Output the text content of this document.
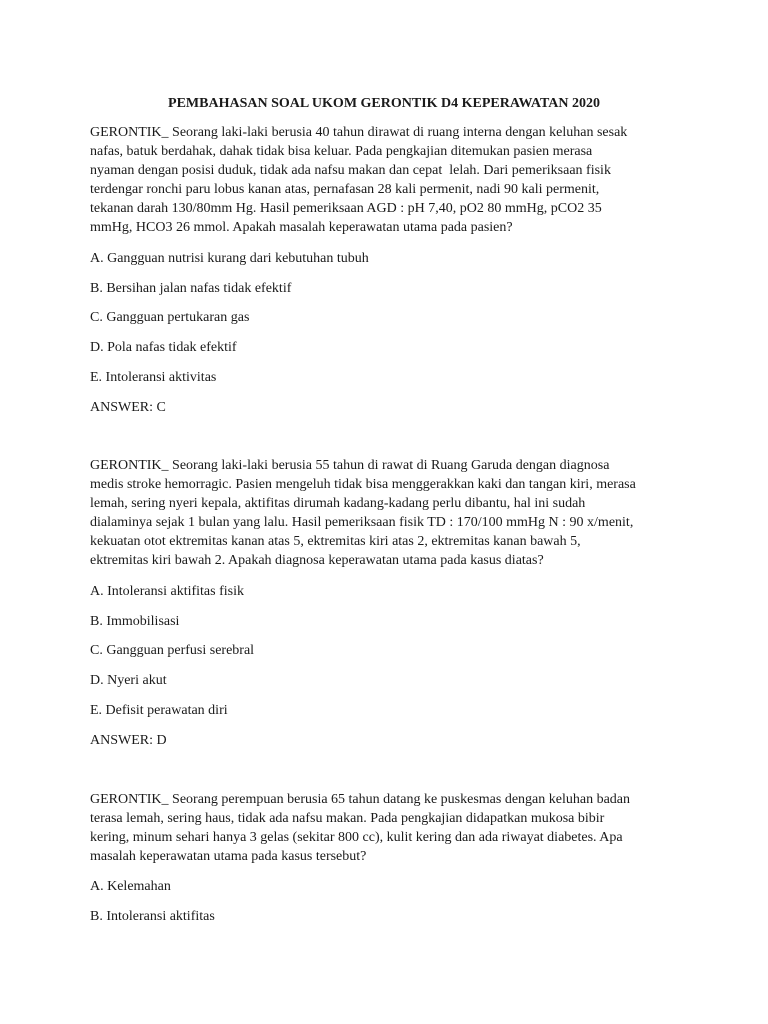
PEMBAHASAN SOAL UKOM GERONTIK D4 KEPERAWATAN 2020
GERONTIK_ Seorang laki-laki berusia 40 tahun dirawat di ruang interna dengan keluhan sesak
nafas, batuk berdahak, dahak tidak bisa keluar. Pada pengkajian ditemukan pasien merasa
nyaman dengan posisi duduk, tidak ada nafsu makan dan cepat  lelah. Dari pemeriksaan fisik
terdengar ronchi paru lobus kanan atas, pernafasan 28 kali permenit, nadi 90 kali permenit,
tekanan darah 130/80mm Hg. Hasil pemeriksaan AGD : pH 7,40, pO2 80 mmHg, pCO2 35
mmHg, HCO3 26 mmol. Apakah masalah keperawatan utama pada pasien?
A. Gangguan nutrisi kurang dari kebutuhan tubuh
B. Bersihan jalan nafas tidak efektif
C. Gangguan pertukaran gas
D. Pola nafas tidak efektif
E. Intoleransi aktivitas
ANSWER: C
GERONTIK_ Seorang laki-laki berusia 55 tahun di rawat di Ruang Garuda dengan diagnosa
medis stroke hemorragic. Pasien mengeluh tidak bisa menggerakkan kaki dan tangan kiri, merasa
lemah, sering nyeri kepala, aktifitas dirumah kadang-kadang perlu dibantu, hal ini sudah
dialaminya sejak 1 bulan yang lalu. Hasil pemeriksaan fisik TD : 170/100 mmHg N : 90 x/menit,
kekuatan otot ektremitas kanan atas 5, ektremitas kiri atas 2, ektremitas kanan bawah 5,
ektremitas kiri bawah 2. Apakah diagnosa keperawatan utama pada kasus diatas?
A. Intoleransi aktifitas fisik
B. Immobilisasi
C. Gangguan perfusi serebral
D. Nyeri akut
E. Defisit perawatan diri
ANSWER: D
GERONTIK_ Seorang perempuan berusia 65 tahun datang ke puskesmas dengan keluhan badan
terasa lemah, sering haus, tidak ada nafsu makan. Pada pengkajian didapatkan mukosa bibir
kering, minum sehari hanya 3 gelas (sekitar 800 cc), kulit kering dan ada riwayat diabetes. Apa
masalah keperawatan utama pada kasus tersebut?
A. Kelemahan
B. Intoleransi aktifitas
